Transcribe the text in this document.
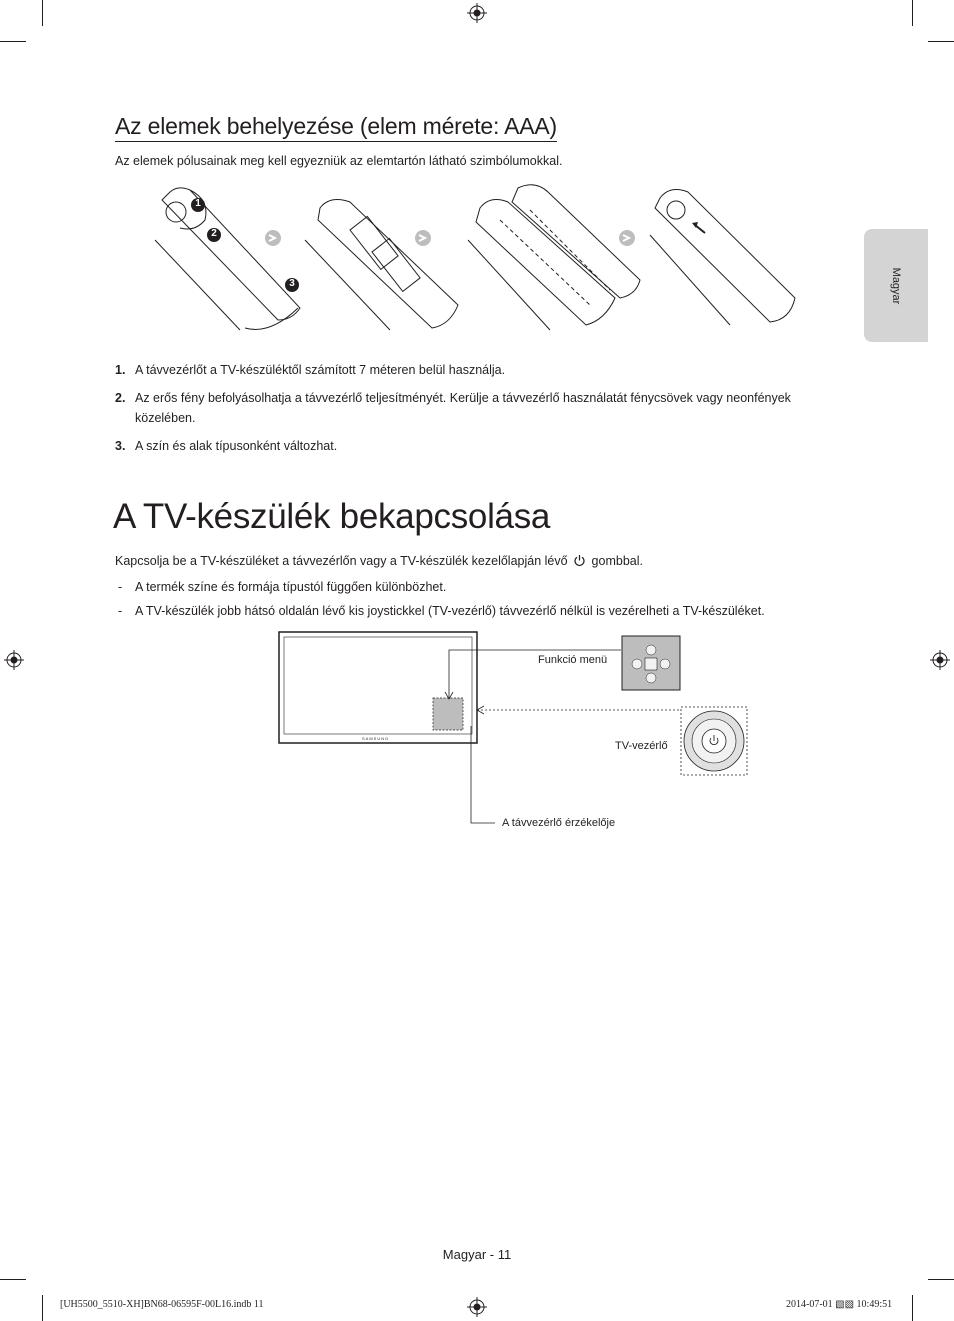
Magyar
Az elemek behelyezése (elem mérete: AAA)
Az elemek pólusainak meg kell egyezniük az elemtartón látható szimbólumokkal.
1
2
3
1. A távvezérlőt a TV-készüléktől számított 7 méteren belül használja.
2. Az erős fény befolyásolhatja a távvezérlő teljesítményét. Kerülje a távvezérlő használatát fénycsövek vagy neonfények közelében.
3. A szín és alak típusonként változhat.
A TV-készülék bekapcsolása
Kapcsolja be a TV-készüléket a távvezérlőn vagy a TV-készülék kezelőlapján lévő gombbal.
- A termék színe és formája típustól függően különbözhet.
- A TV-készülék jobb hátsó oldalán lévő kis joystickkel (TV-vezérlő) távvezérlő nélkül is vezérelheti a TV-készüléket.
SAMSUNG
Funkció menü
TV-vezérlő
A távvezérlő érzékelője
Magyar - 11
[UH5500_5510-XH]BN68-06595F-00L16.indb 11	2014-07-01 ▧▧ 10:49:51
